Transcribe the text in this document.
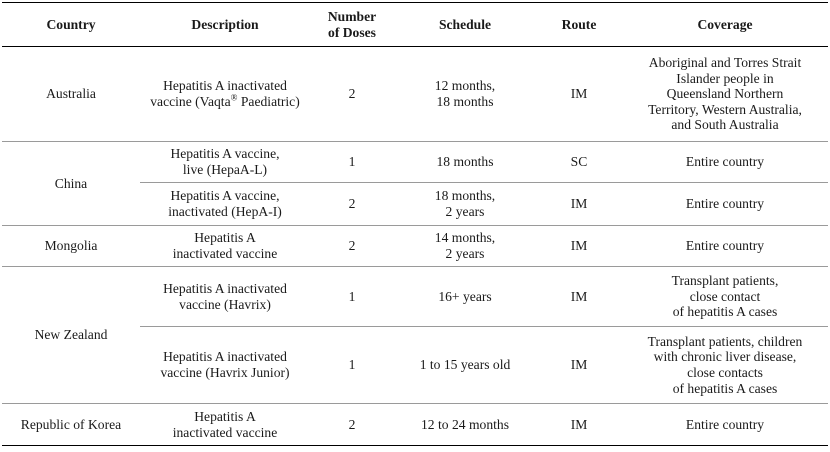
Country	Description	Number
of Doses	Schedule	Route	Coverage
Australia	Hepatitis A inactivated
vaccine (Vaqta® Paediatric)	2	12 months,
18 months	IM	Aboriginal and Torres Strait
Islander people in
Queensland Northern
Territory, Western Australia,
and South Australia
China	Hepatitis A vaccine,
live (HepaA-L)	1	18 months	SC	Entire country
	Hepatitis A vaccine,
inactivated (HepA-I)	2	18 months,
2 years	IM	Entire country
Mongolia	Hepatitis A
inactivated vaccine	2	14 months,
2 years	IM	Entire country
New Zealand	Hepatitis A inactivated
vaccine (Havrix)	1	16+ years	IM	Transplant patients,
close contact
of hepatitis A cases
	Hepatitis A inactivated
vaccine (Havrix Junior)	1	1 to 15 years old	IM	Transplant patients, children
with chronic liver disease,
close contacts
of hepatitis A cases
Republic of Korea	Hepatitis A
inactivated vaccine	2	12 to 24 months	IM	Entire country
